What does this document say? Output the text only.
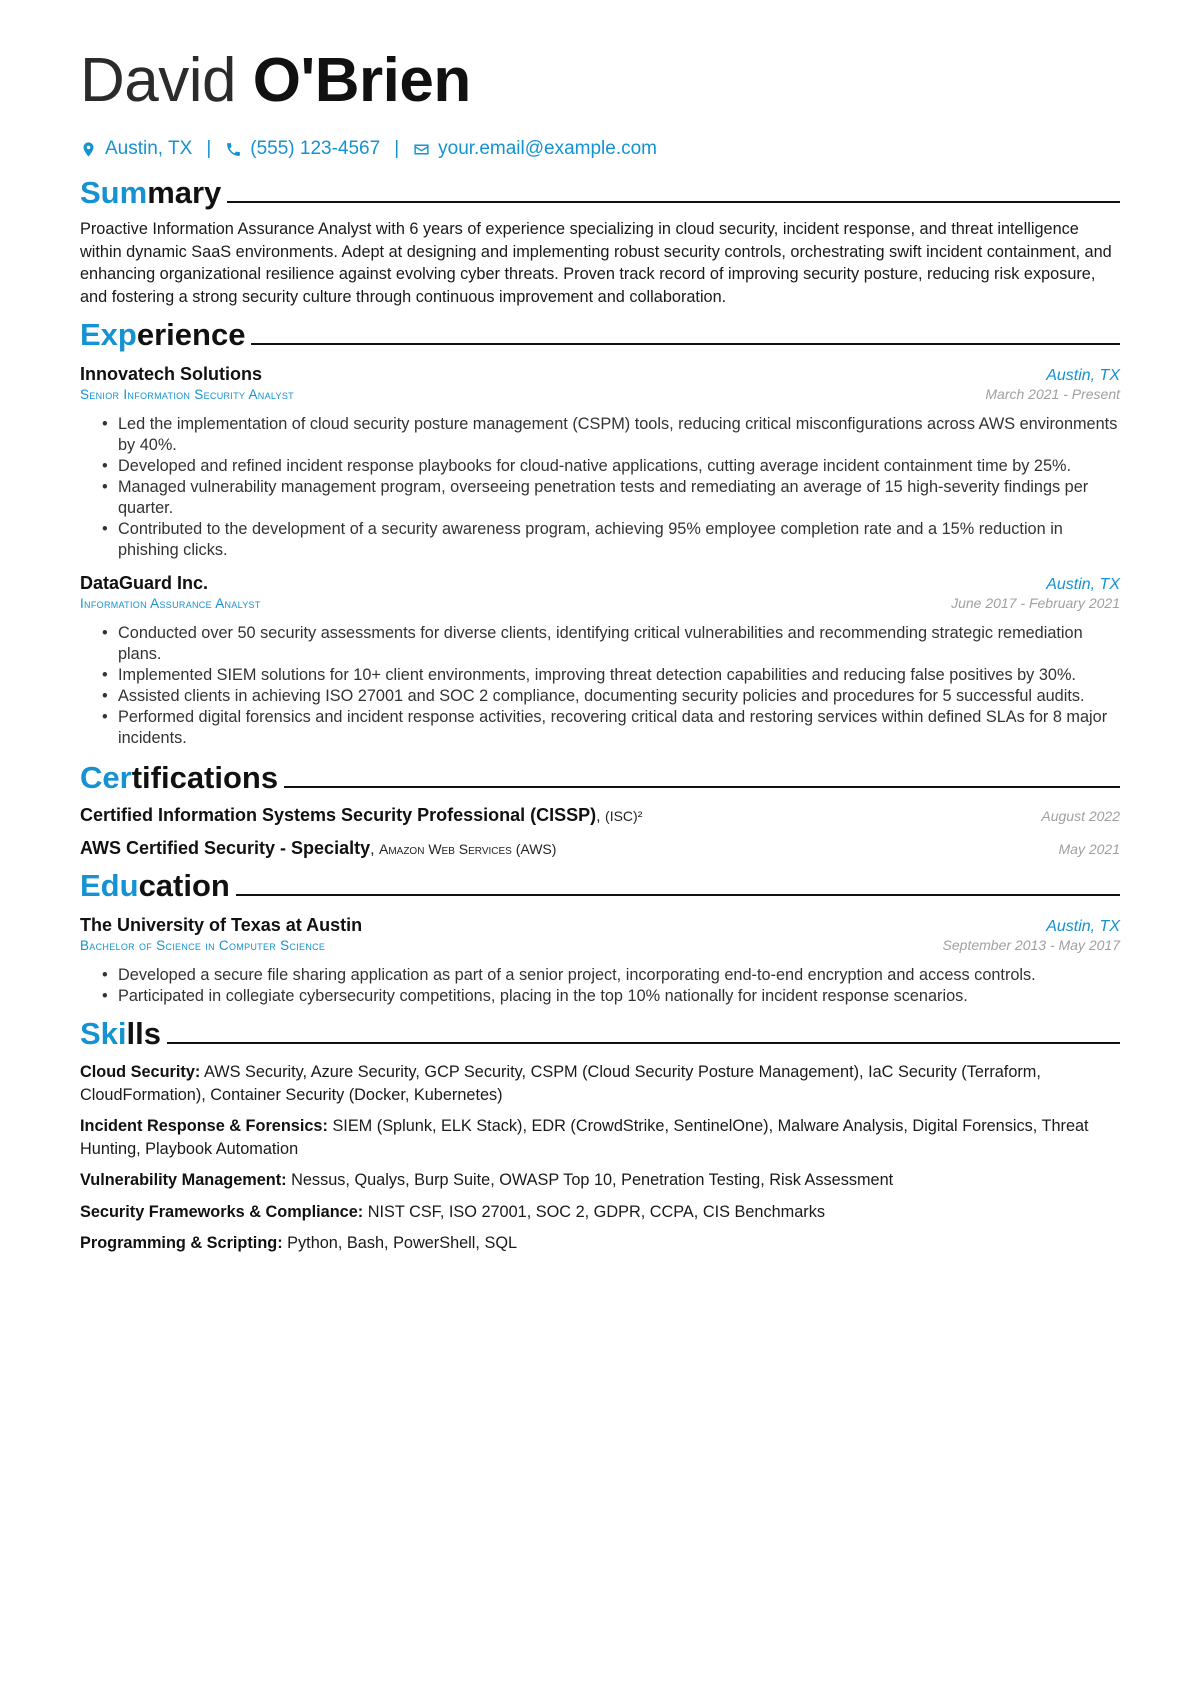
David O'Brien
Austin, TX | (555) 123-4567 | your.email@example.com
Summary
Proactive Information Assurance Analyst with 6 years of experience specializing in cloud security, incident response, and threat intelligence within dynamic SaaS environments. Adept at designing and implementing robust security controls, orchestrating swift incident containment, and enhancing organizational resilience against evolving cyber threats. Proven track record of improving security posture, reducing risk exposure, and fostering a strong security culture through continuous improvement and collaboration.
Experience
Innovatech Solutions	Austin, TX
Senior Information Security Analyst	March 2021 - Present
• Led the implementation of cloud security posture management (CSPM) tools, reducing critical misconfigurations across AWS environments by 40%.
• Developed and refined incident response playbooks for cloud-native applications, cutting average incident containment time by 25%.
• Managed vulnerability management program, overseeing penetration tests and remediating an average of 15 high-severity findings per quarter.
• Contributed to the development of a security awareness program, achieving 95% employee completion rate and a 15% reduction in phishing clicks.
DataGuard Inc.	Austin, TX
Information Assurance Analyst	June 2017 - February 2021
• Conducted over 50 security assessments for diverse clients, identifying critical vulnerabilities and recommending strategic remediation plans.
• Implemented SIEM solutions for 10+ client environments, improving threat detection capabilities and reducing false positives by 30%.
• Assisted clients in achieving ISO 27001 and SOC 2 compliance, documenting security policies and procedures for 5 successful audits.
• Performed digital forensics and incident response activities, recovering critical data and restoring services within defined SLAs for 8 major incidents.
Certifications
Certified Information Systems Security Professional (CISSP), (ISC)²	August 2022
AWS Certified Security - Specialty, Amazon Web Services (AWS)	May 2021
Education
The University of Texas at Austin	Austin, TX
Bachelor of Science in Computer Science	September 2013 - May 2017
• Developed a secure file sharing application as part of a senior project, incorporating end-to-end encryption and access controls.
• Participated in collegiate cybersecurity competitions, placing in the top 10% nationally for incident response scenarios.
Skills
Cloud Security: AWS Security, Azure Security, GCP Security, CSPM (Cloud Security Posture Management), IaC Security (Terraform, CloudFormation), Container Security (Docker, Kubernetes)
Incident Response & Forensics: SIEM (Splunk, ELK Stack), EDR (CrowdStrike, SentinelOne), Malware Analysis, Digital Forensics, Threat Hunting, Playbook Automation
Vulnerability Management: Nessus, Qualys, Burp Suite, OWASP Top 10, Penetration Testing, Risk Assessment
Security Frameworks & Compliance: NIST CSF, ISO 27001, SOC 2, GDPR, CCPA, CIS Benchmarks
Programming & Scripting: Python, Bash, PowerShell, SQL
